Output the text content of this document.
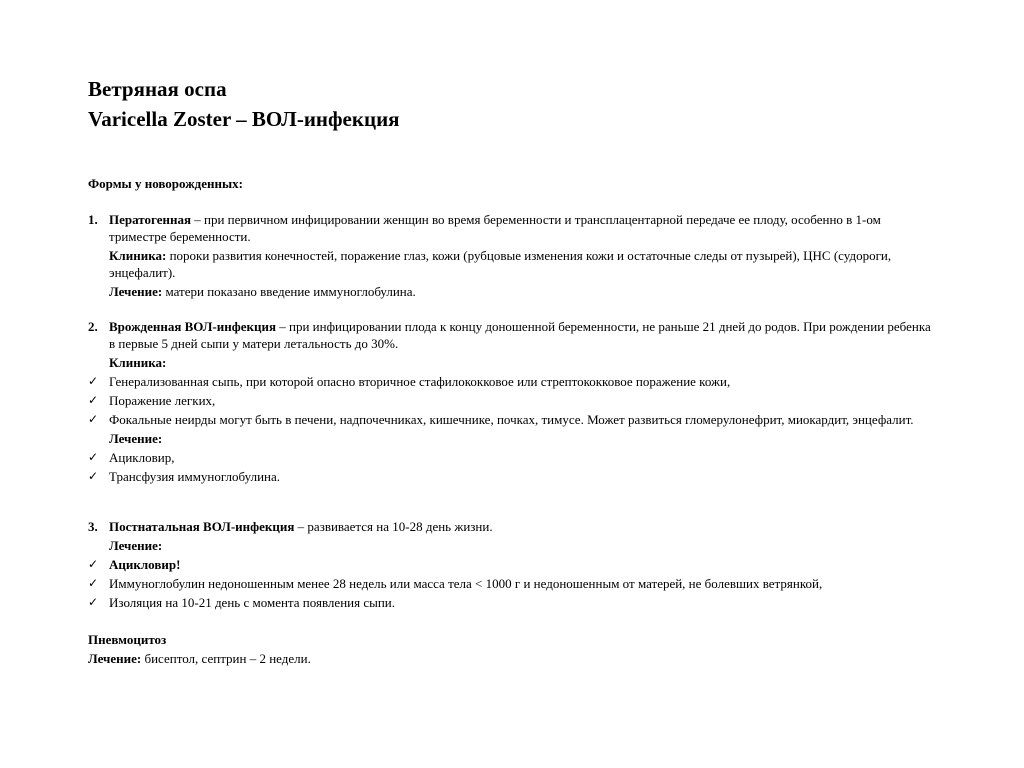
Ветряная оспа
Varicella Zoster – ВОЛ-инфекция
Формы у новорожденных:
1. Ператогенная – при первичном инфицировании женщин во время беременности и трансплацентарной передаче ее плоду, особенно в 1-ом триместре беременности.
Клиника: пороки развития конечностей, поражение глаз, кожи (рубцовые изменения кожи и остаточные следы от пузырей), ЦНС (судороги, энцефалит).
Лечение: матери показано введение иммуноглобулина.
2. Врожденная ВОЛ-инфекция – при инфицировании плода к концу доношенной беременности, не раньше 21 дней до родов. При рождении ребенка в первые 5 дней сыпи у матери летальность до 30%.
Клиника:
✓ Генерализованная сыпь, при которой опасно вторичное стафилококковое или стрептококковое поражение кожи,
✓ Поражение легких,
✓ Фокальные неирды могут быть в печени, надпочечниках, кишечнике, почках, тимусе. Может развиться гломерулонефрит, миокардит, энцефалит.
Лечение:
✓ Ацикловир,
✓ Трансфузия иммуноглобулина.
3. Постнатальная ВОЛ-инфекция – развивается на 10-28 день жизни.
Лечение:
✓ Ацикловир!
✓ Иммуноглобулин недоношенным менее 28 недель или масса тела < 1000 г и недоношенным от матерей, не болевших ветрянкой,
✓ Изоляция на 10-21 день с момента появления сыпи.
Пневмоцитоз
Лечение: бисептол, септрин – 2 недели.
